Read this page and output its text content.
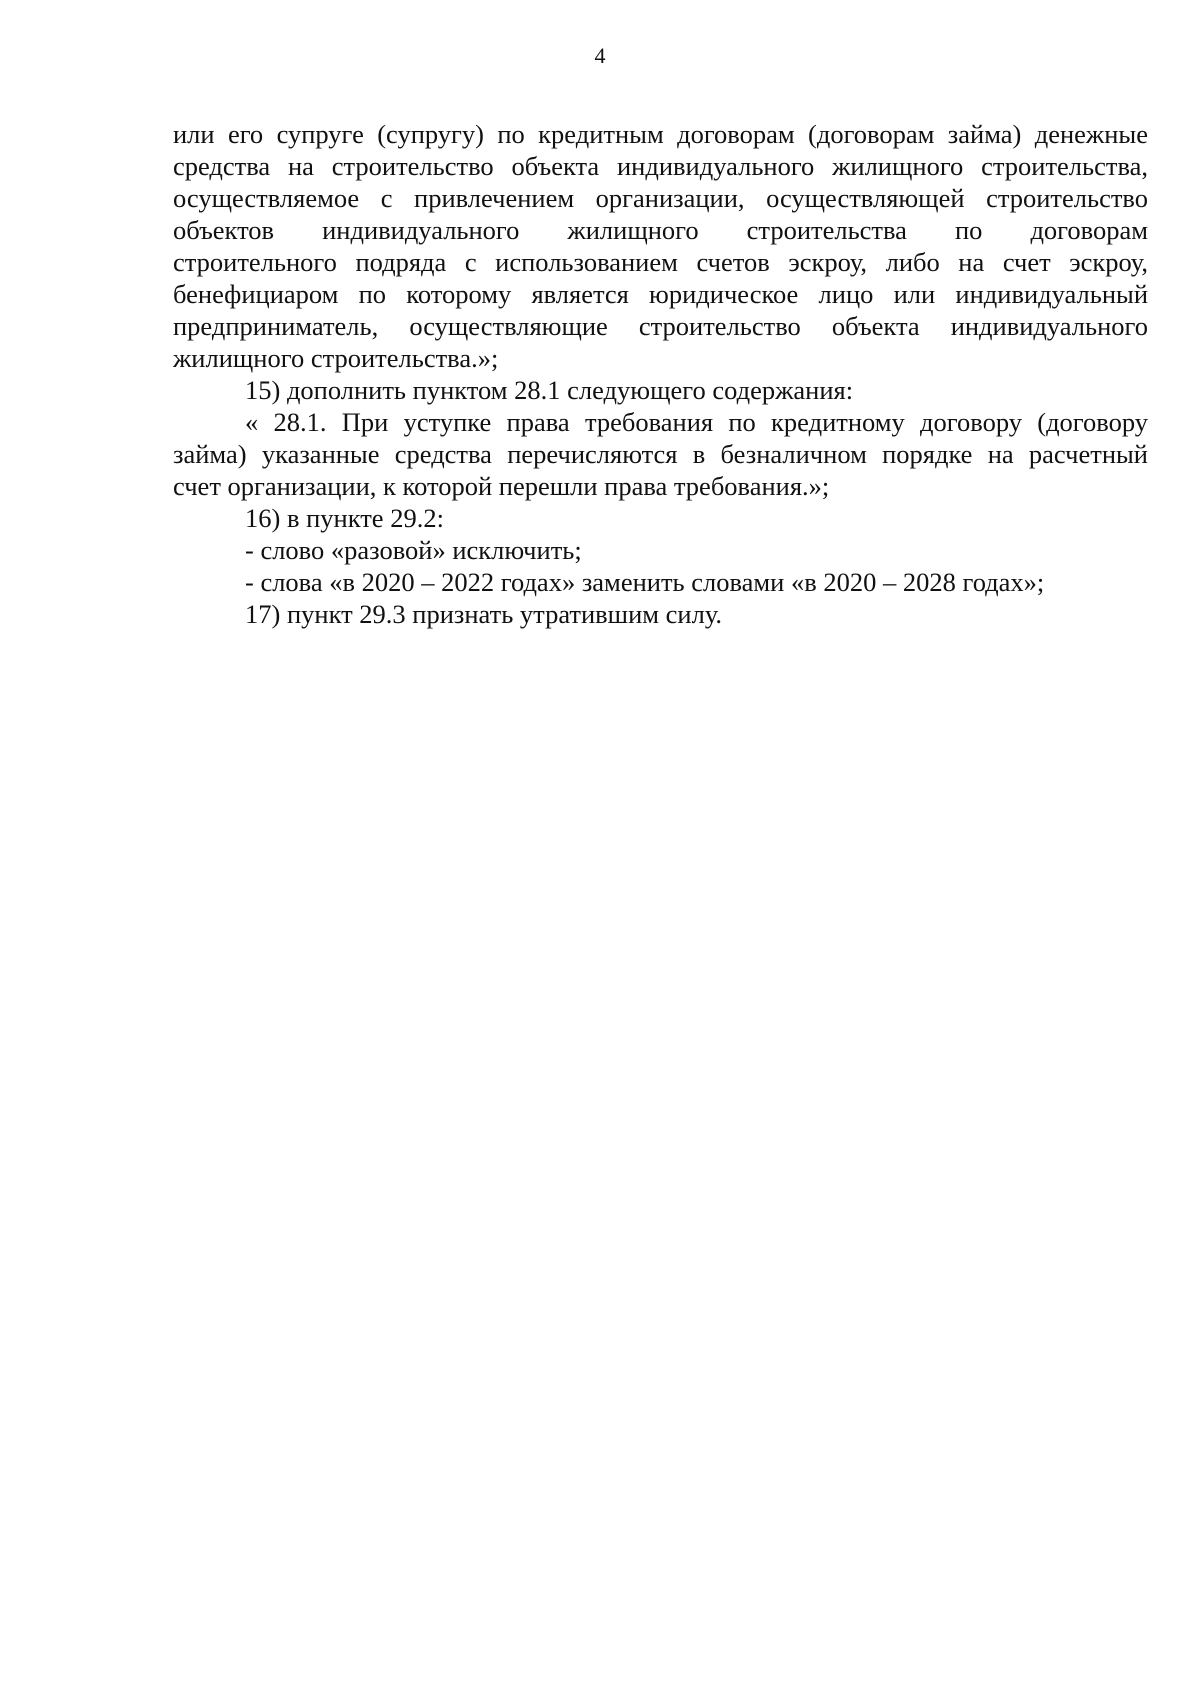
4
или его супруге (супругу) по кредитным договорам (договорам займа) денежные
средства на строительство объекта индивидуального жилищного строительства,
осуществляемое с привлечением организации, осуществляющей строительство
объектов индивидуального жилищного строительства по договорам
строительного подряда с использованием счетов эскроу, либо на счет эскроу,
бенефициаром по которому является юридическое лицо или индивидуальный
предприниматель, осуществляющие строительство объекта индивидуального
жилищного строительства.»;
15) дополнить пунктом 28.1 следующего содержания:
« 28.1. При уступке права требования по кредитному договору (договору
займа) указанные средства перечисляются в безналичном порядке на расчетный
счет организации, к которой перешли права требования.»;
16) в пункте 29.2:
- слово «разовой» исключить;
- слова «в 2020 – 2022 годах» заменить словами «в 2020 – 2028 годах»;
17) пункт 29.3 признать утратившим силу.
